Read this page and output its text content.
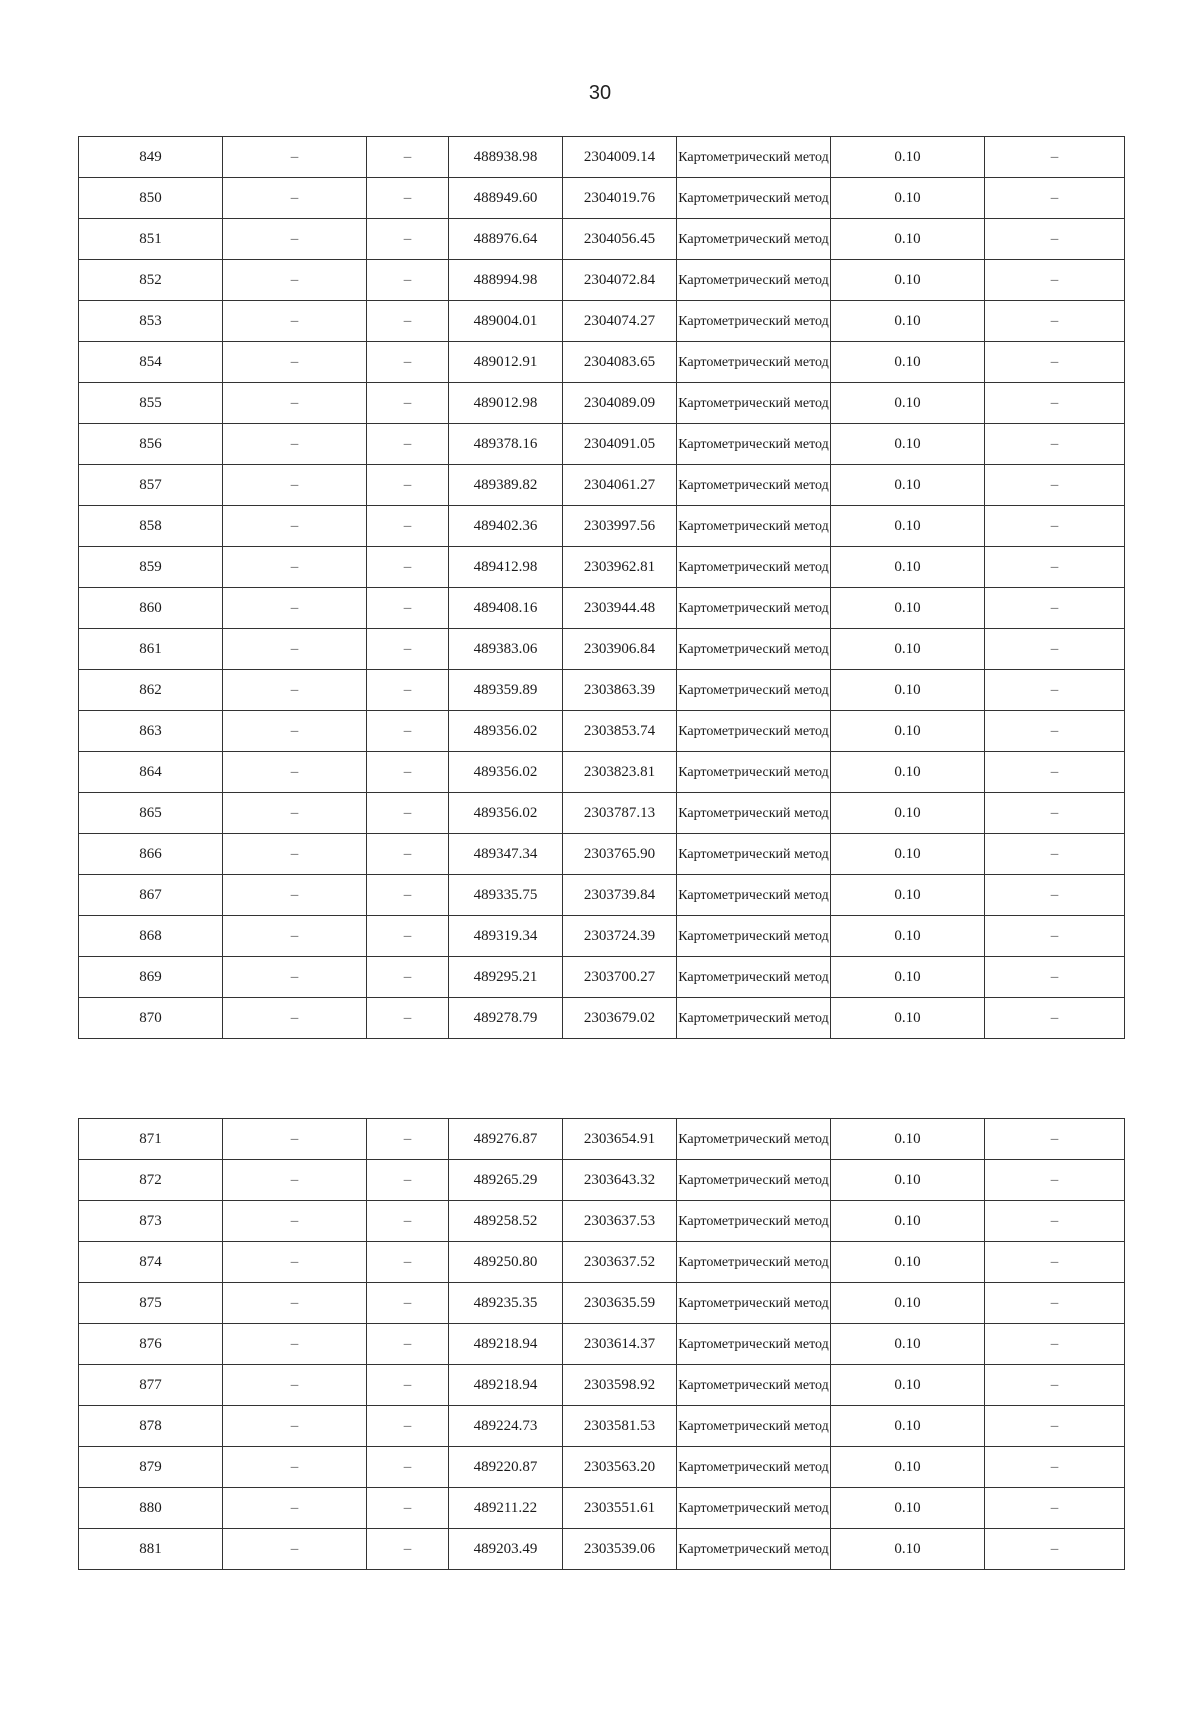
30
849	–	–	488938.98	2304009.14	Картометрический метод	0.10	–
850	–	–	488949.60	2304019.76	Картометрический метод	0.10	–
851	–	–	488976.64	2304056.45	Картометрический метод	0.10	–
852	–	–	488994.98	2304072.84	Картометрический метод	0.10	–
853	–	–	489004.01	2304074.27	Картометрический метод	0.10	–
854	–	–	489012.91	2304083.65	Картометрический метод	0.10	–
855	–	–	489012.98	2304089.09	Картометрический метод	0.10	–
856	–	–	489378.16	2304091.05	Картометрический метод	0.10	–
857	–	–	489389.82	2304061.27	Картометрический метод	0.10	–
858	–	–	489402.36	2303997.56	Картометрический метод	0.10	–
859	–	–	489412.98	2303962.81	Картометрический метод	0.10	–
860	–	–	489408.16	2303944.48	Картометрический метод	0.10	–
861	–	–	489383.06	2303906.84	Картометрический метод	0.10	–
862	–	–	489359.89	2303863.39	Картометрический метод	0.10	–
863	–	–	489356.02	2303853.74	Картометрический метод	0.10	–
864	–	–	489356.02	2303823.81	Картометрический метод	0.10	–
865	–	–	489356.02	2303787.13	Картометрический метод	0.10	–
866	–	–	489347.34	2303765.90	Картометрический метод	0.10	–
867	–	–	489335.75	2303739.84	Картометрический метод	0.10	–
868	–	–	489319.34	2303724.39	Картометрический метод	0.10	–
869	–	–	489295.21	2303700.27	Картометрический метод	0.10	–
870	–	–	489278.79	2303679.02	Картометрический метод	0.10	–
871	–	–	489276.87	2303654.91	Картометрический метод	0.10	–
872	–	–	489265.29	2303643.32	Картометрический метод	0.10	–
873	–	–	489258.52	2303637.53	Картометрический метод	0.10	–
874	–	–	489250.80	2303637.52	Картометрический метод	0.10	–
875	–	–	489235.35	2303635.59	Картометрический метод	0.10	–
876	–	–	489218.94	2303614.37	Картометрический метод	0.10	–
877	–	–	489218.94	2303598.92	Картометрический метод	0.10	–
878	–	–	489224.73	2303581.53	Картометрический метод	0.10	–
879	–	–	489220.87	2303563.20	Картометрический метод	0.10	–
880	–	–	489211.22	2303551.61	Картометрический метод	0.10	–
881	–	–	489203.49	2303539.06	Картометрический метод	0.10	–
